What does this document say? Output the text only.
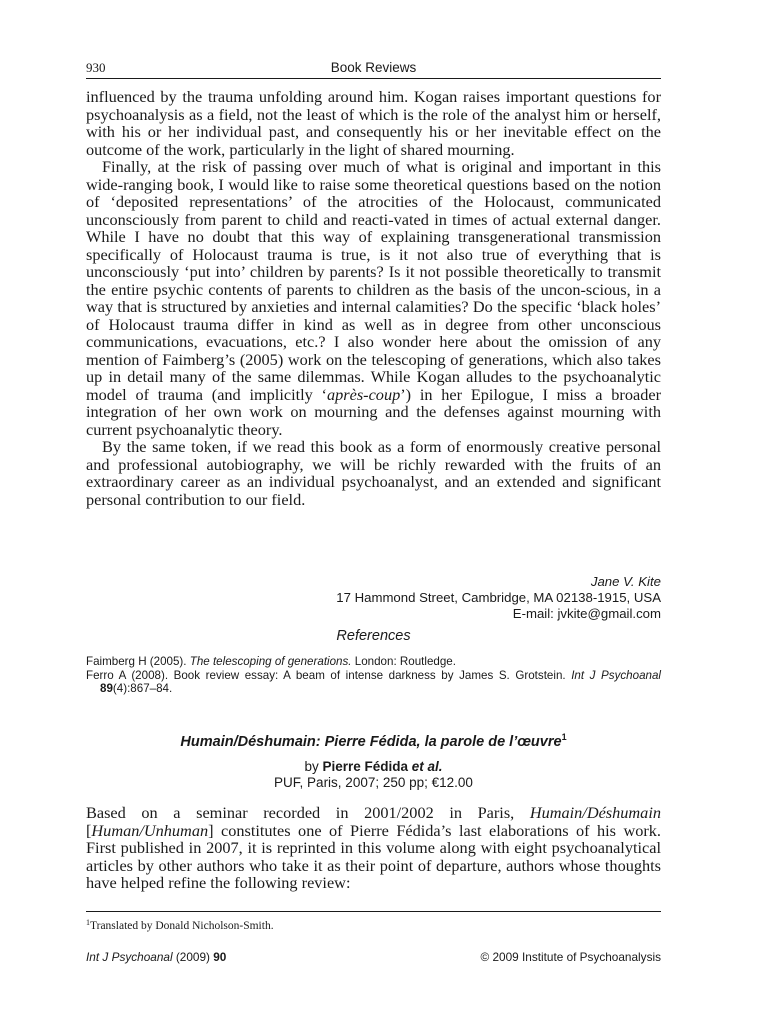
930	Book Reviews

influenced by the trauma unfolding around him. Kogan raises important questions for psychoanalysis as a field, not the least of which is the role of the analyst him or herself, with his or her individual past, and consequently his or her inevitable effect on the outcome of the work, particularly in the light of shared mourning.

Finally, at the risk of passing over much of what is original and important in this wide-ranging book, I would like to raise some theoretical questions based on the notion of ‘deposited representations’ of the atrocities of the Holocaust, communicated unconsciously from parent to child and reacti-vated in times of actual external danger. While I have no doubt that this way of explaining transgenerational transmission specifically of Holocaust trauma is true, is it not also true of everything that is unconsciously ‘put into’ children by parents? Is it not possible theoretically to transmit the entire psychic contents of parents to children as the basis of the uncon-scious, in a way that is structured by anxieties and internal calamities? Do the specific ‘black holes’ of Holocaust trauma differ in kind as well as in degree from other unconscious communications, evacuations, etc.? I also wonder here about the omission of any mention of Faimberg’s (2005) work on the telescoping of generations, which also takes up in detail many of the same dilemmas. While Kogan alludes to the psychoanalytic model of trauma (and implicitly ‘après-coup’) in her Epilogue, I miss a broader integration of her own work on mourning and the defenses against mourning with current psychoanalytic theory.

By the same token, if we read this book as a form of enormously creative personal and professional autobiography, we will be richly rewarded with the fruits of an extraordinary career as an individual psychoanalyst, and an extended and significant personal contribution to our field.

Jane V. Kite
17 Hammond Street, Cambridge, MA 02138-1915, USA
E-mail: jvkite@gmail.com
References

Faimberg H (2005). The telescoping of generations. London: Routledge.

Ferro A (2008). Book review essay: A beam of intense darkness by James S. Grotstein. Int J Psychoanal 89(4):867–84.

Humain/Déshumain: Pierre Fédida, la parole de l’œuvre$^1$
by Pierre Fédida et al.
PUF, Paris, 2007; 250 pp; €12.00

Based on a seminar recorded in 2001/2002 in Paris, Humain/Déshumain [Human/Unhuman] constitutes one of Pierre Fédida’s last elaborations of his work. First published in 2007, it is reprinted in this volume along with eight psychoanalytical articles by other authors who take it as their point of departure, authors whose thoughts have helped refine the following review:

$^1$Translated by Donald Nicholson-Smith.
Int J Psychoanal (2009) 90	© 2009 Institute of Psychoanalysis
